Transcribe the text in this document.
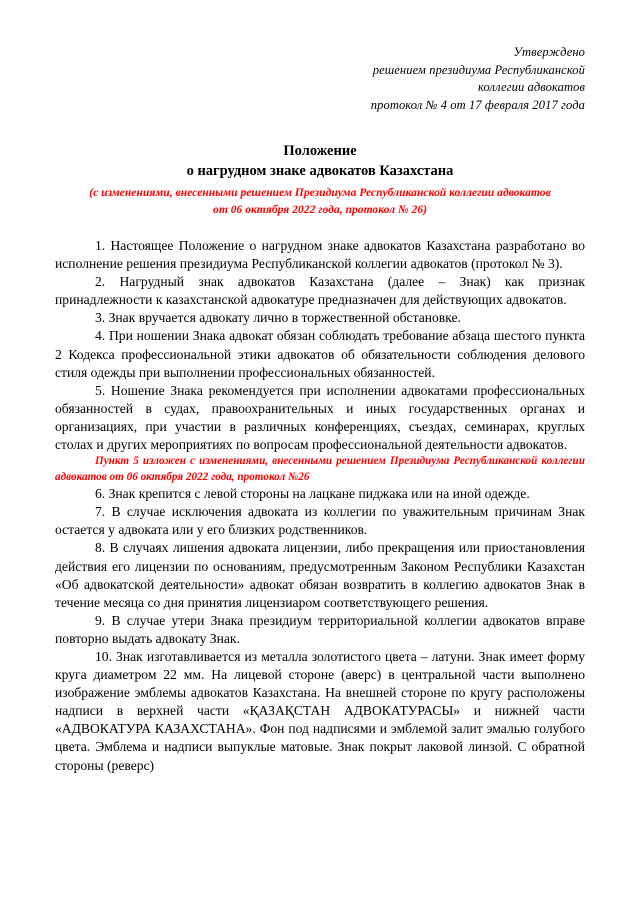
Утверждено
решением президиума Республиканской
коллегии адвокатов
протокол № 4 от 17 февраля 2017 года
Положение
о нагрудном знаке адвокатов Казахстана
(с изменениями, внесенными решением Президиума Республиканской коллегии адвокатов
от 06 октября 2022 года, протокол № 26)

1. Настоящее Положение о нагрудном знаке адвокатов Казахстана разработано во исполнение решения президиума Республиканской коллегии адвокатов (протокол № 3).

2. Нагрудный знак адвокатов Казахстана (далее – Знак) как признак принадлежности к казахстанской адвокатуре предназначен для действующих адвокатов.

3. Знак вручается адвокату лично в торжественной обстановке.

4. При ношении Знака адвокат обязан соблюдать требование абзаца шестого пункта 2 Кодекса профессиональной этики адвокатов об обязательности соблюдения делового стиля одежды при выполнении профессиональных обязанностей.

5. Ношение Знака рекомендуется при исполнении адвокатами профессиональных обязанностей в судах, правоохранительных и иных государственных органах и организациях, при участии в различных конференциях, съездах, семинарах, круглых столах и других мероприятиях по вопросам профессиональной деятельности адвокатов.

Пункт 5 изложен с изменениями, внесенными решением Президиума Республиканской коллегии адвокатов от 06 октября 2022 года, протокол №26

6. Знак крепится с левой стороны на лацкане пиджака или на иной одежде.

7. В случае исключения адвоката из коллегии по уважительным причинам Знак остается у адвоката или у его близких родственников.

8. В случаях лишения адвоката лицензии, либо прекращения или приостановления действия его лицензии по основаниям, предусмотренным Законом Республики Казахстан «Об адвокатской деятельности» адвокат обязан возвратить в коллегию адвокатов Знак в течение месяца со дня принятия лицензиаром соответствующего решения.

9. В случае утери Знака президиум территориальной коллегии адвокатов вправе повторно выдать адвокату Знак.

10. Знак изготавливается из металла золотистого цвета – латуни. Знак имеет форму круга диаметром 22 мм. На лицевой стороне (аверс) в центральной части выполнено изображение эмблемы адвокатов Казахстана. На внешней стороне по кругу расположены надписи в верхней части «ҚАЗАҚСТАН АДВОКАТУРАСЫ» и нижней части «АДВОКАТУРА КАЗАХСТАНА». Фон под надписями и эмблемой залит эмалью голубого цвета. Эмблема и надписи выпуклые матовые. Знак покрыт лаковой линзой. С обратной стороны (реверс)
